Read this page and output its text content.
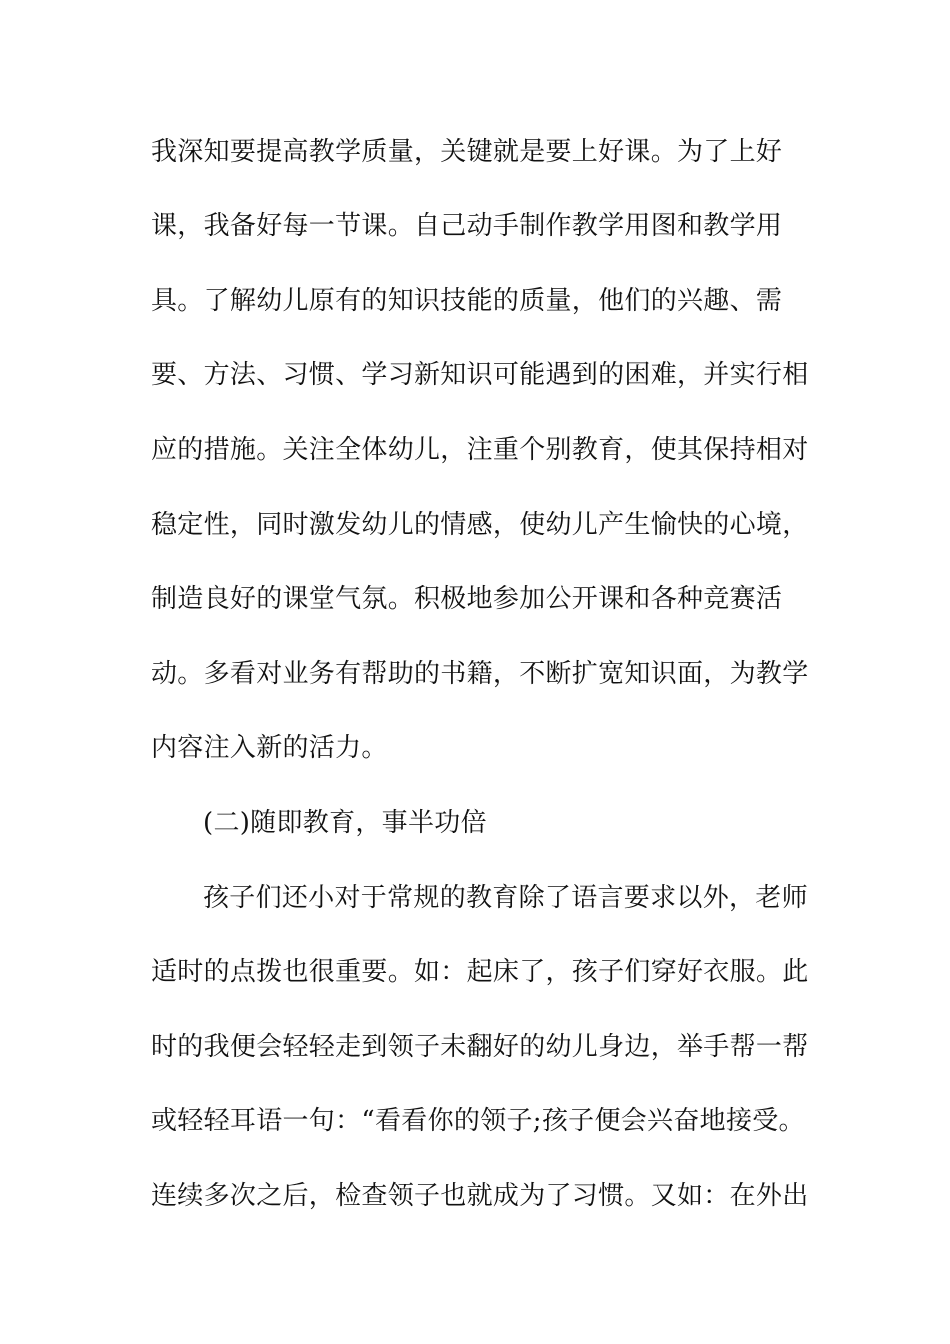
我深知要提高教学质量，关键就是要上好课。为了上好
课，我备好每一节课。自己动手制作教学用图和教学用
具。了解幼儿原有的知识技能的质量，他们的兴趣、需
要、方法、习惯、学习新知识可能遇到的困难，并实行相
应的措施。关注全体幼儿，注重个别教育，使其保持相对
稳定性，同时激发幼儿的情感，使幼儿产生愉快的心境，
制造良好的课堂气氛。积极地参加公开课和各种竞赛活
动。多看对业务有帮助的书籍，不断扩宽知识面，为教学
内容注入新的活力。
(二)随即教育，事半功倍
孩子们还小对于常规的教育除了语言要求以外，老师
适时的点拨也很重要。如：起床了，孩子们穿好衣服。此
时的我便会轻轻走到领子未翻好的幼儿身边，举手帮一帮
或轻轻耳语一句：“看看你的领子;孩子便会兴奋地接受。
连续多次之后，检查领子也就成为了习惯。又如：在外出
